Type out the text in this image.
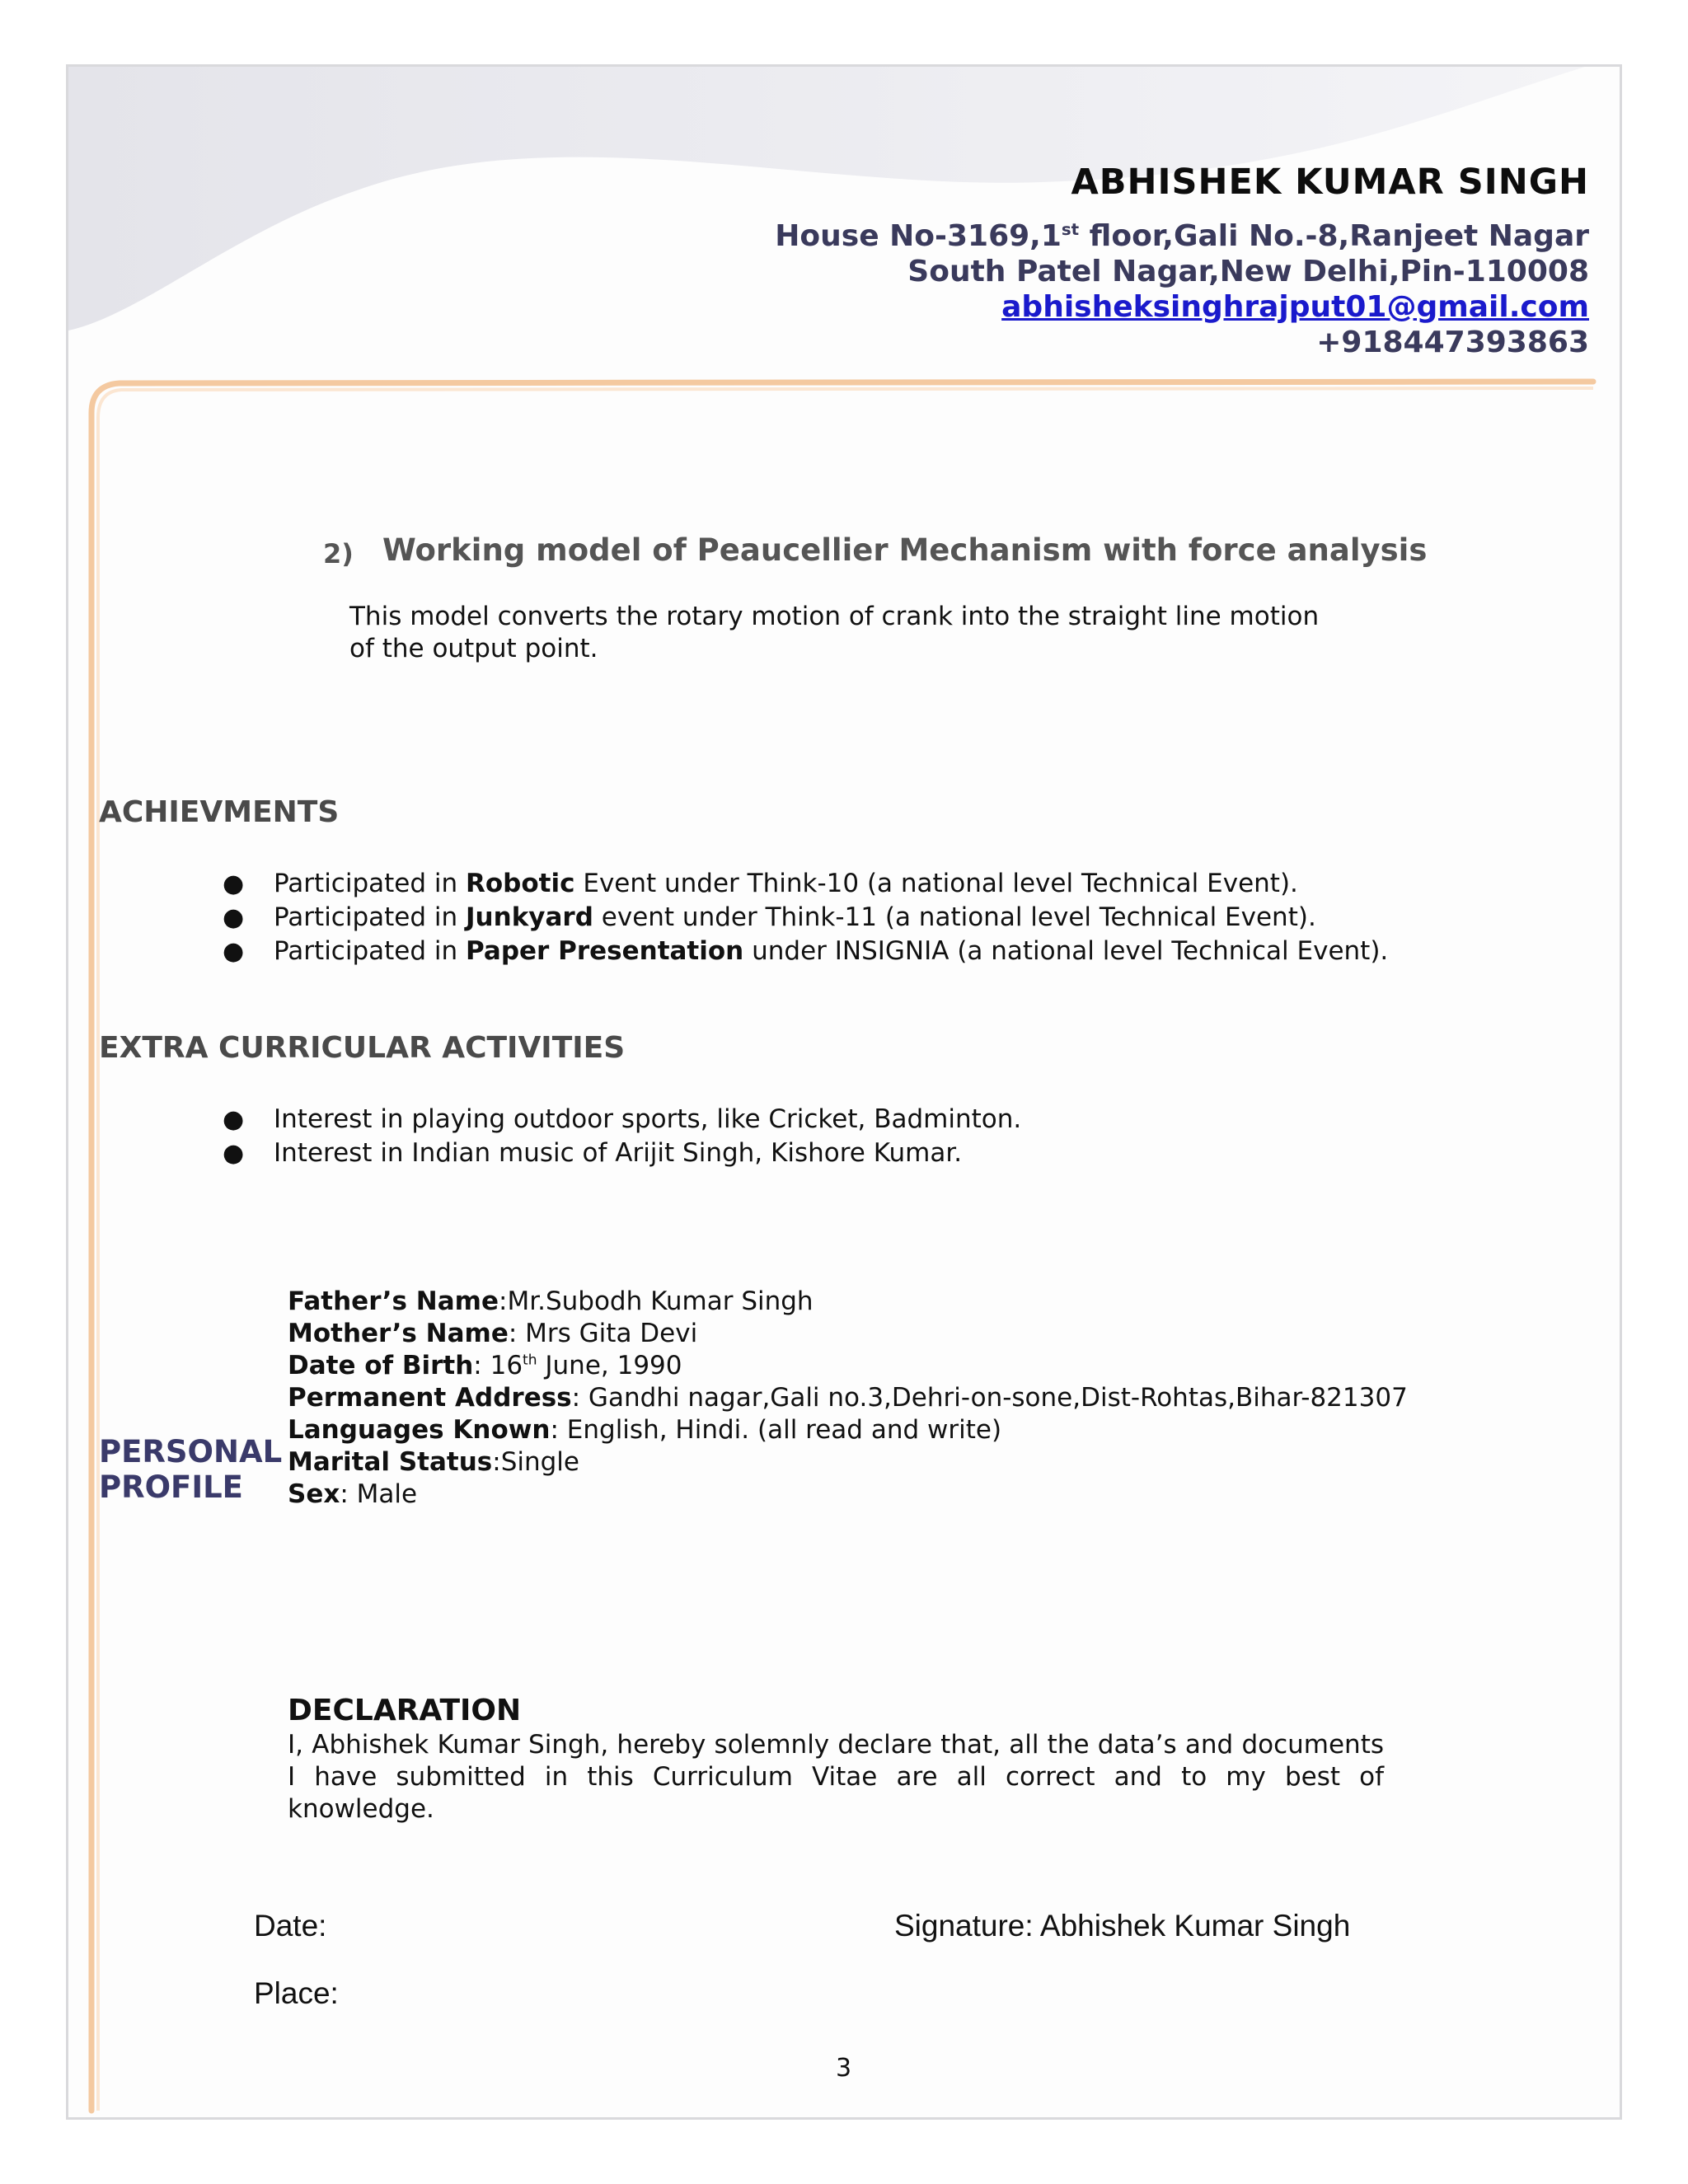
ABHISHEK KUMAR SINGH
House No-3169,1st floor,Gali No.-8,Ranjeet Nagar
South Patel Nagar,New Delhi,Pin-110008
abhisheksinghrajput01@gmail.com
+918447393863
2) Working model of Peaucellier Mechanism with force analysis
This model converts the rotary motion of crank into the straight line motion of the output point.
ACHIEVMENTS
● Participated in Robotic Event under Think-10 (a national level Technical Event).
● Participated in Junkyard event under Think-11 (a national level Technical Event).
● Participated in Paper Presentation under INSIGNIA (a national level Technical Event).
EXTRA CURRICULAR ACTIVITIES
● Interest in playing outdoor sports, like Cricket, Badminton.
● Interest in Indian music of Arijit Singh, Kishore Kumar.
PERSONAL
PROFILE
Father’s Name:Mr.Subodh Kumar Singh
Mother’s Name: Mrs Gita Devi
Date of Birth: 16th June, 1990
Permanent Address: Gandhi nagar,Gali no.3,Dehri-on-sone,Dist-Rohtas,Bihar-821307
Languages Known: English, Hindi. (all read and write)
Marital Status:Single
Sex: Male
DECLARATION
I, Abhishek Kumar Singh, hereby solemnly declare that, all the data’s and documents I have submitted in this Curriculum Vitae are all correct and to my best of knowledge.
Date:
Place:
Signature: Abhishek Kumar Singh
3
